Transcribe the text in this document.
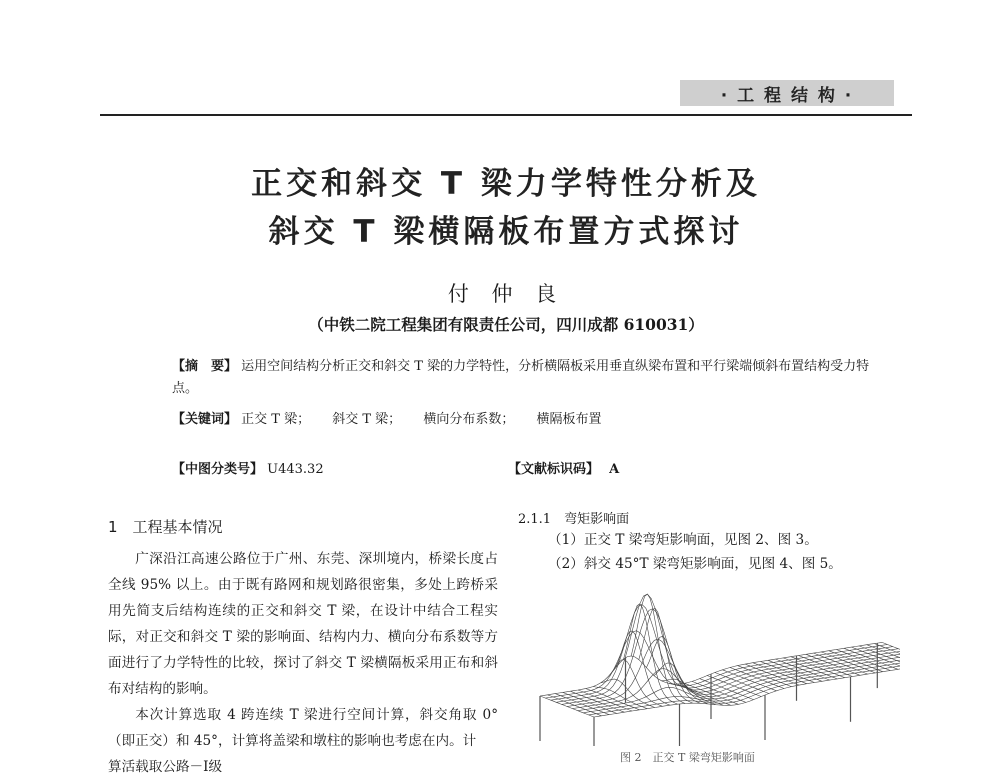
· 工 程 结 构 ·
正交和斜交 T 梁力学特性分析及
斜交 T 梁横隔板布置方式探讨
付 仲 良
（中铁二院工程集团有限责任公司，四川成都 610031）
【摘　要】 运用空间结构分析正交和斜交 T 梁的力学特性，分析横隔板采用垂直纵梁布置和平行梁端倾斜布置结构受力特点。
【关键词】 正交 T 梁； 斜交 T 梁； 横向分布系数； 横隔板布置
【中图分类号】 U443.32	【文献标识码】 A
1　工程基本情况

广深沿江高速公路位于广州、东莞、深圳境内，桥梁长度占全线 95% 以上。由于既有路网和规划路很密集，多处上跨桥采用先简支后结构连续的正交和斜交 T 梁，在设计中结合工程实际，对正交和斜交 T 梁的影响面、结构内力、横向分布系数等方面进行了力学特性的比较，探讨了斜交 T 梁横隔板采用正布和斜布对结构的影响。

本次计算选取 4 跨连续 T 梁进行空间计算，斜交角取 0°（即正交）和 45°，计算将盖梁和墩柱的影响也考虑在内。计

算活载取公路－Ⅰ级
2.1.1　弯矩影响面
（1）正交 T 梁弯矩影响面，见图 2、图 3。
（2）斜交 45°T 梁弯矩影响面，见图 4、图 5。
图 2　正交 T 梁弯矩影响面
